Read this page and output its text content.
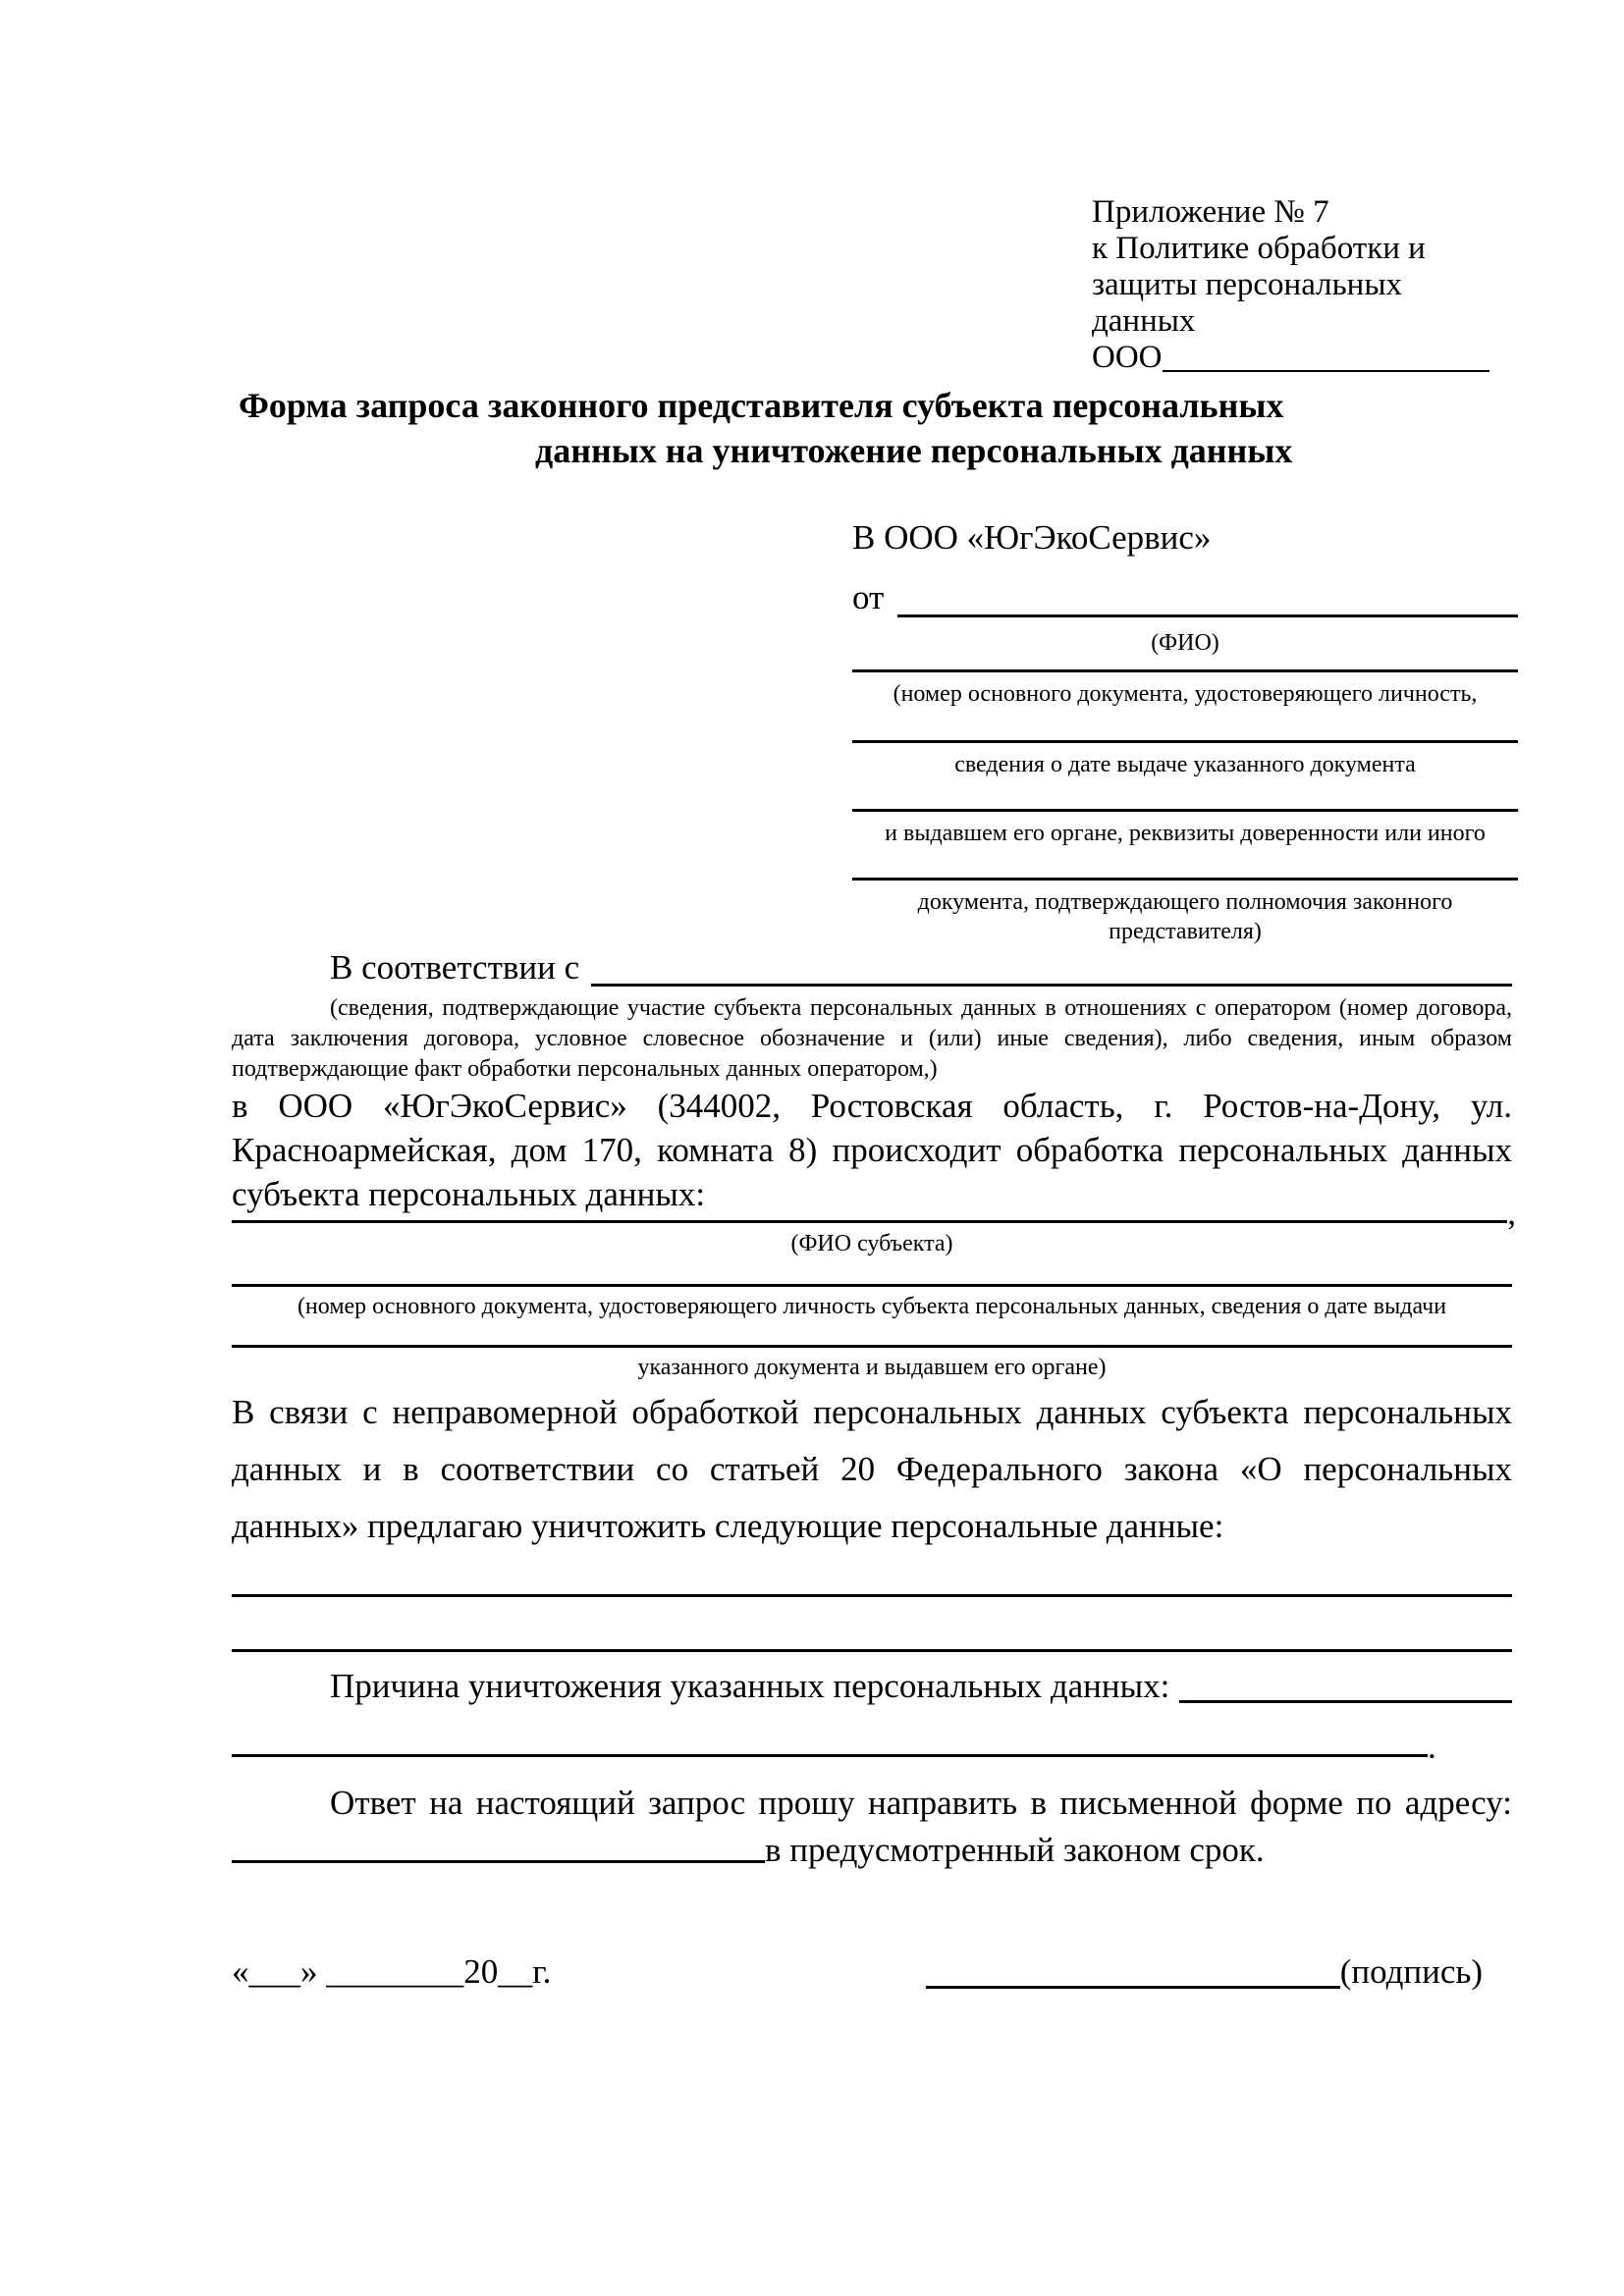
Приложение № 7
к Политике обработки и
защиты персональных данных
ООО
Форма запроса законного представителя субъекта персональных
данных на уничтожение персональных данных
В ООО «ЮгЭкоСервис»
от
(ФИО)
(номер основного документа, удостоверяющего личность,
сведения о дате выдаче указанного документа
и выдавшем его органе, реквизиты доверенности или иного
документа, подтверждающего полномочия законного представителя)
В соответствии с
(сведения, подтверждающие участие субъекта персональных данных в отношениях с оператором (номер договора, дата заключения договора, условное словесное обозначение и (или) иные сведения), либо сведения, иным образом подтверждающие факт обработки персональных данных оператором,)
в ООО «ЮгЭкоСервис» (344002, Ростовская область, г. Ростов-на-Дону, ул. Красноармейская, дом 170, комната 8) происходит обработка персональных данных субъекта персональных данных:	,
(ФИО субъекта)
(номер основного документа, удостоверяющего личность субъекта персональных данных, сведения о дате выдачи
указанного документа и выдавшем его органе)
В связи с неправомерной обработкой персональных данных субъекта персональных данных и в соответствии со статьей 20 Федерального закона «О персональных данных» предлагаю уничтожить следующие персональные данные:
Причина уничтожения указанных персональных данных:
.
Ответ на настоящий запрос прошу направить в письменной форме по адресу:
в предусмотренный законом срок.
«___» ________20__г.	(подпись)
